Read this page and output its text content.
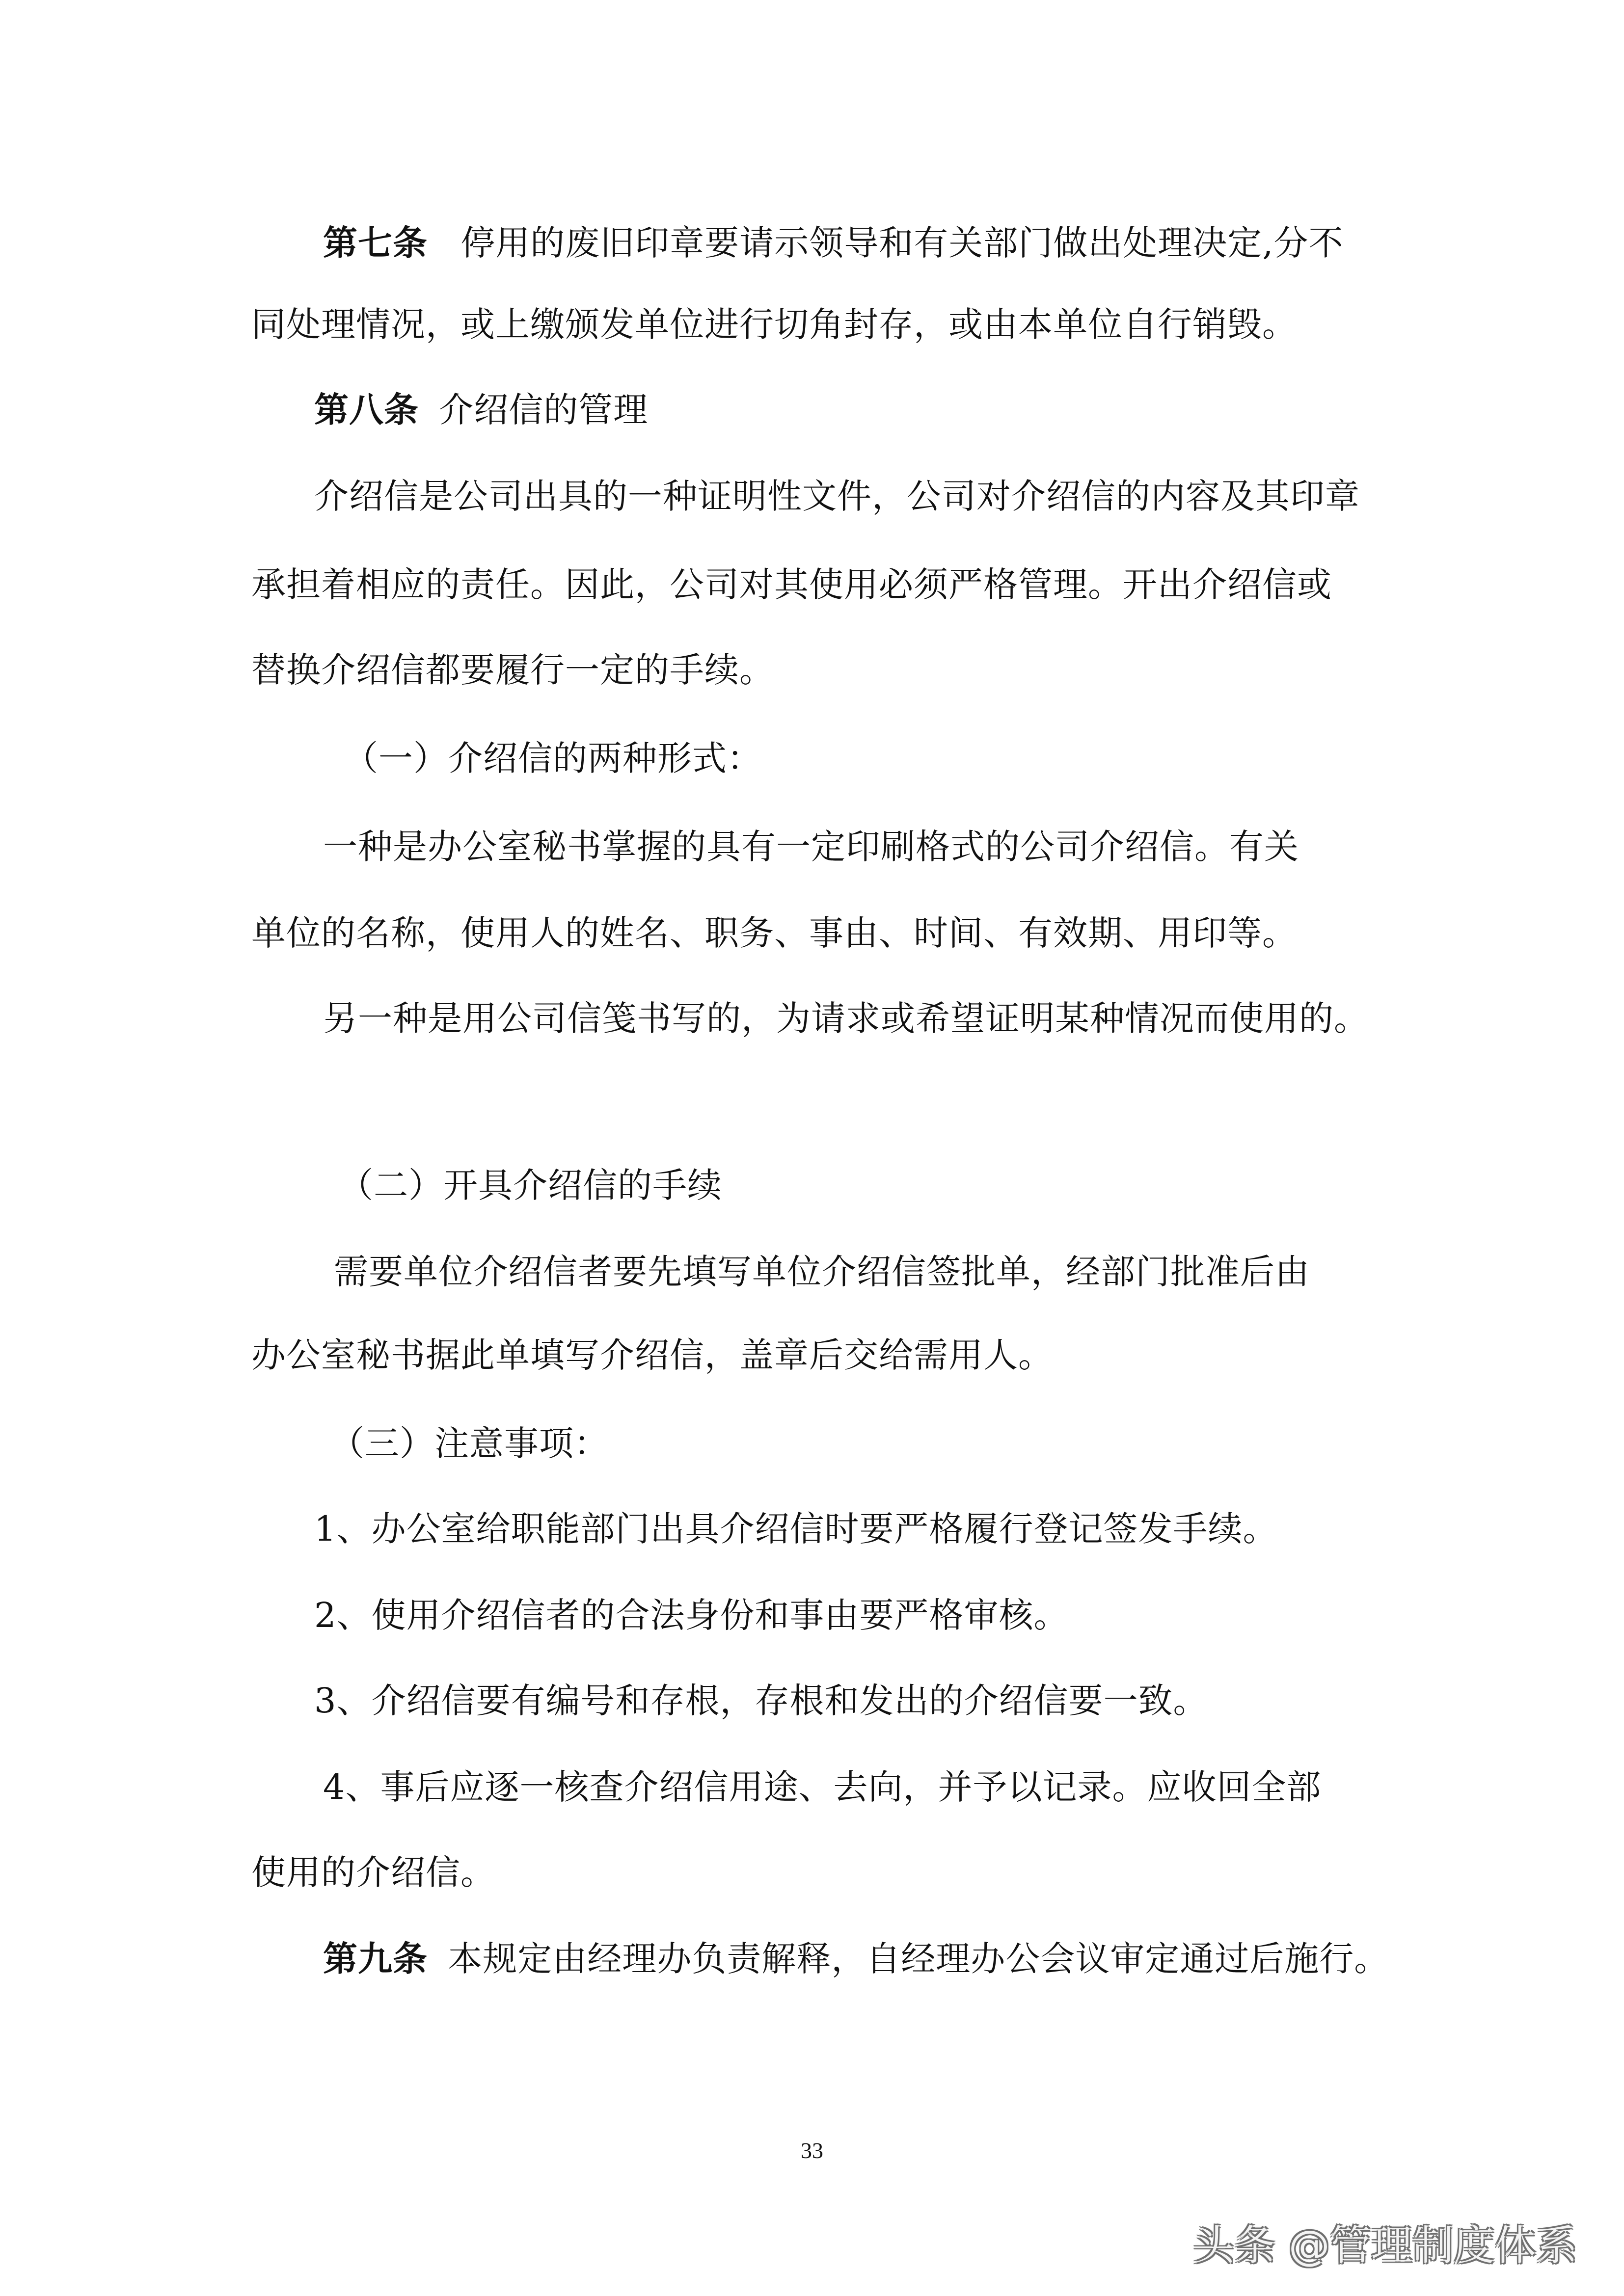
第七条 停用的废旧印章要请示领导和有关部门做出处理决定,分不
同处理情况，或上缴颁发单位进行切角封存，或由本单位自行销毁。
第八条 介绍信的管理
介绍信是公司出具的一种证明性文件，公司对介绍信的内容及其印章
承担着相应的责任。因此，公司对其使用必须严格管理。开出介绍信或
替换介绍信都要履行一定的手续。
（一）介绍信的两种形式：
一种是办公室秘书掌握的具有一定印刷格式的公司介绍信。有关
单位的名称，使用人的姓名、职务、事由、时间、有效期、用印等。
另一种是用公司信笺书写的，为请求或希望证明某种情况而使用的。
（二）开具介绍信的手续
需要单位介绍信者要先填写单位介绍信签批单，经部门批准后由
办公室秘书据此单填写介绍信，盖章后交给需用人。
（三）注意事项：
1、办公室给职能部门出具介绍信时要严格履行登记签发手续。
2、使用介绍信者的合法身份和事由要严格审核。
3、介绍信要有编号和存根，存根和发出的介绍信要一致。
4、事后应逐一核查介绍信用途、去向，并予以记录。应收回全部
使用的介绍信。
第九条 本规定由经理办负责解释，自经理办公会议审定通过后施行。
33
头条 @管理制度体系
